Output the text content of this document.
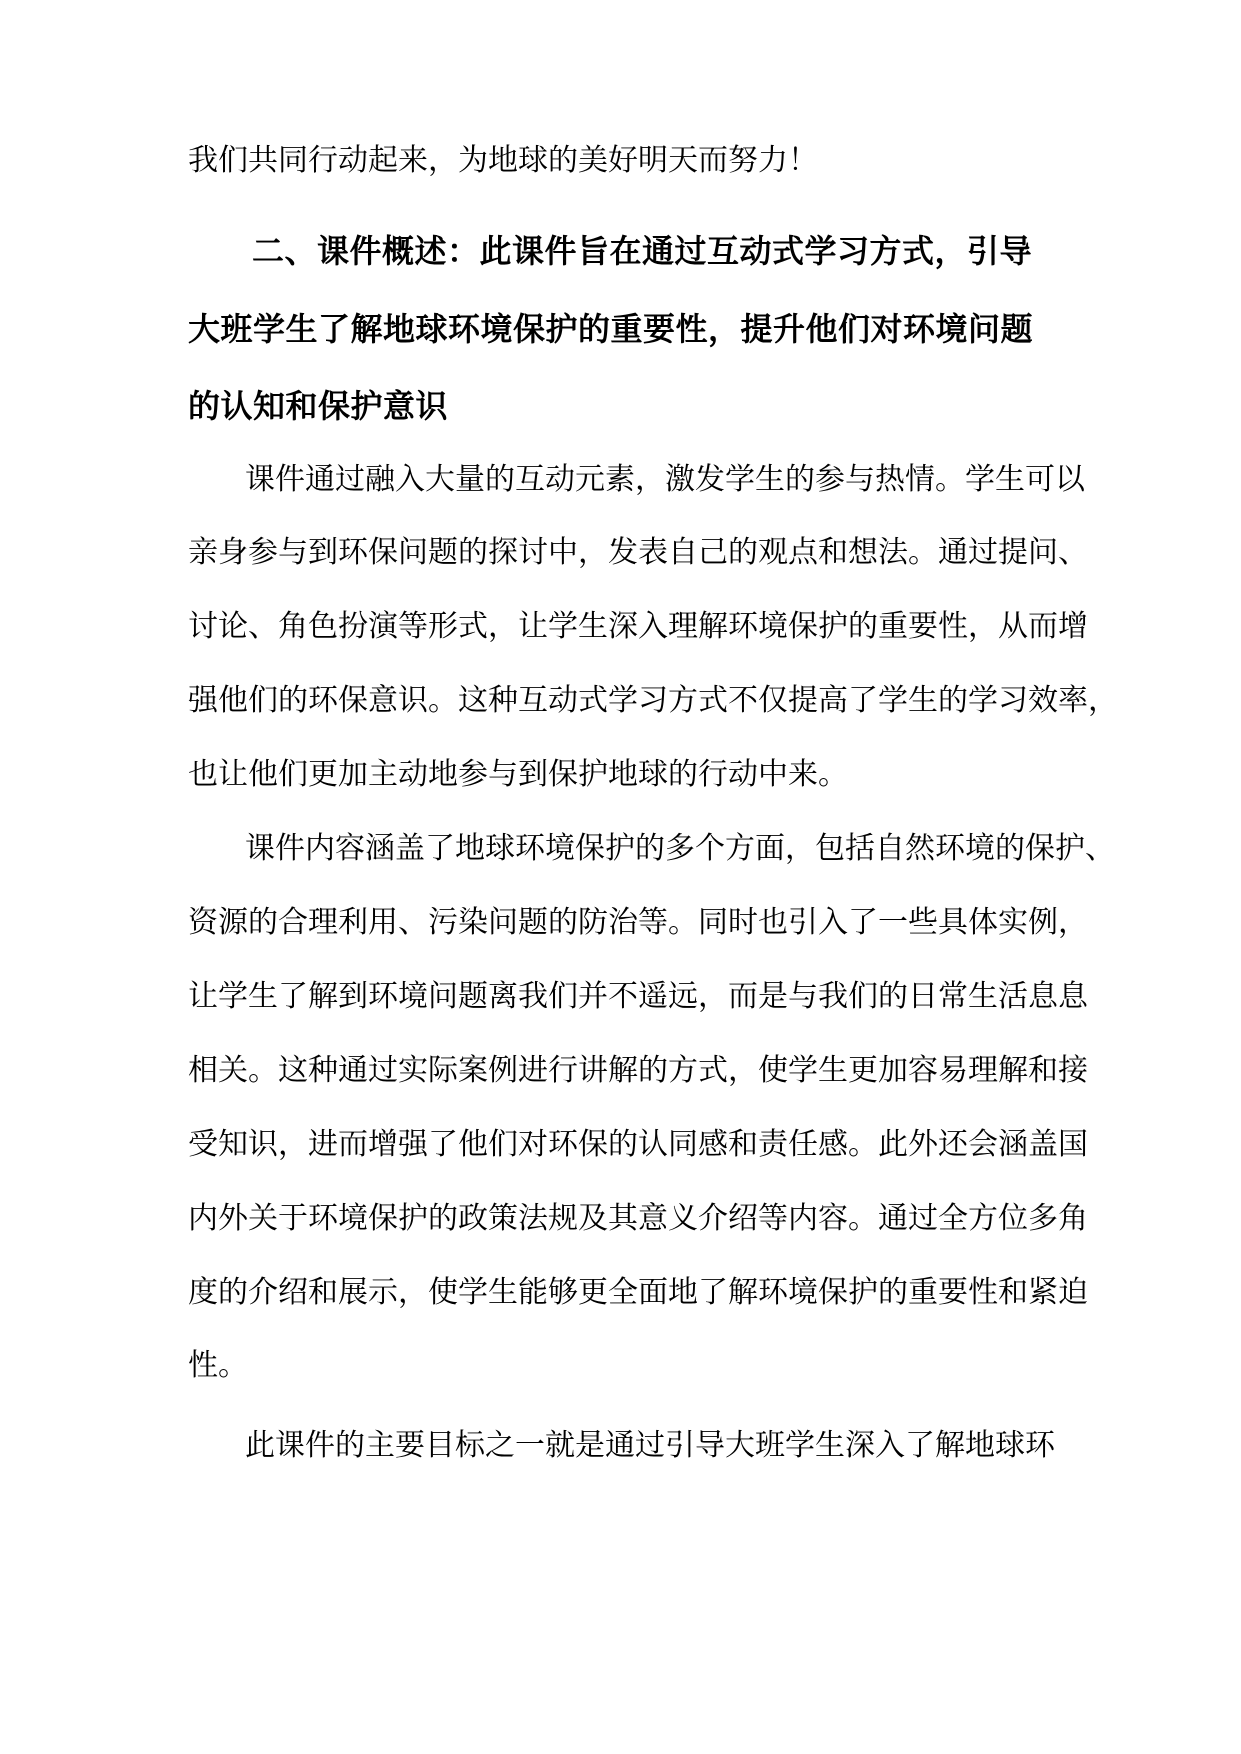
我们共同行动起来，为地球的美好明天而努力！
二、课件概述：此课件旨在通过互动式学习方式，引导
大班学生了解地球环境保护的重要性，提升他们对环境问题
的认知和保护意识
课件通过融入大量的互动元素，激发学生的参与热情。学生可以
亲身参与到环保问题的探讨中，发表自己的观点和想法。通过提问、
讨论、角色扮演等形式，让学生深入理解环境保护的重要性，从而增
强他们的环保意识。这种互动式学习方式不仅提高了学生的学习效率，
也让他们更加主动地参与到保护地球的行动中来。
课件内容涵盖了地球环境保护的多个方面，包括自然环境的保护、
资源的合理利用、污染问题的防治等。同时也引入了一些具体实例，
让学生了解到环境问题离我们并不遥远，而是与我们的日常生活息息
相关。这种通过实际案例进行讲解的方式，使学生更加容易理解和接
受知识，进而增强了他们对环保的认同感和责任感。此外还会涵盖国
内外关于环境保护的政策法规及其意义介绍等内容。通过全方位多角
度的介绍和展示，使学生能够更全面地了解环境保护的重要性和紧迫
性。
此课件的主要目标之一就是通过引导大班学生深入了解地球环
